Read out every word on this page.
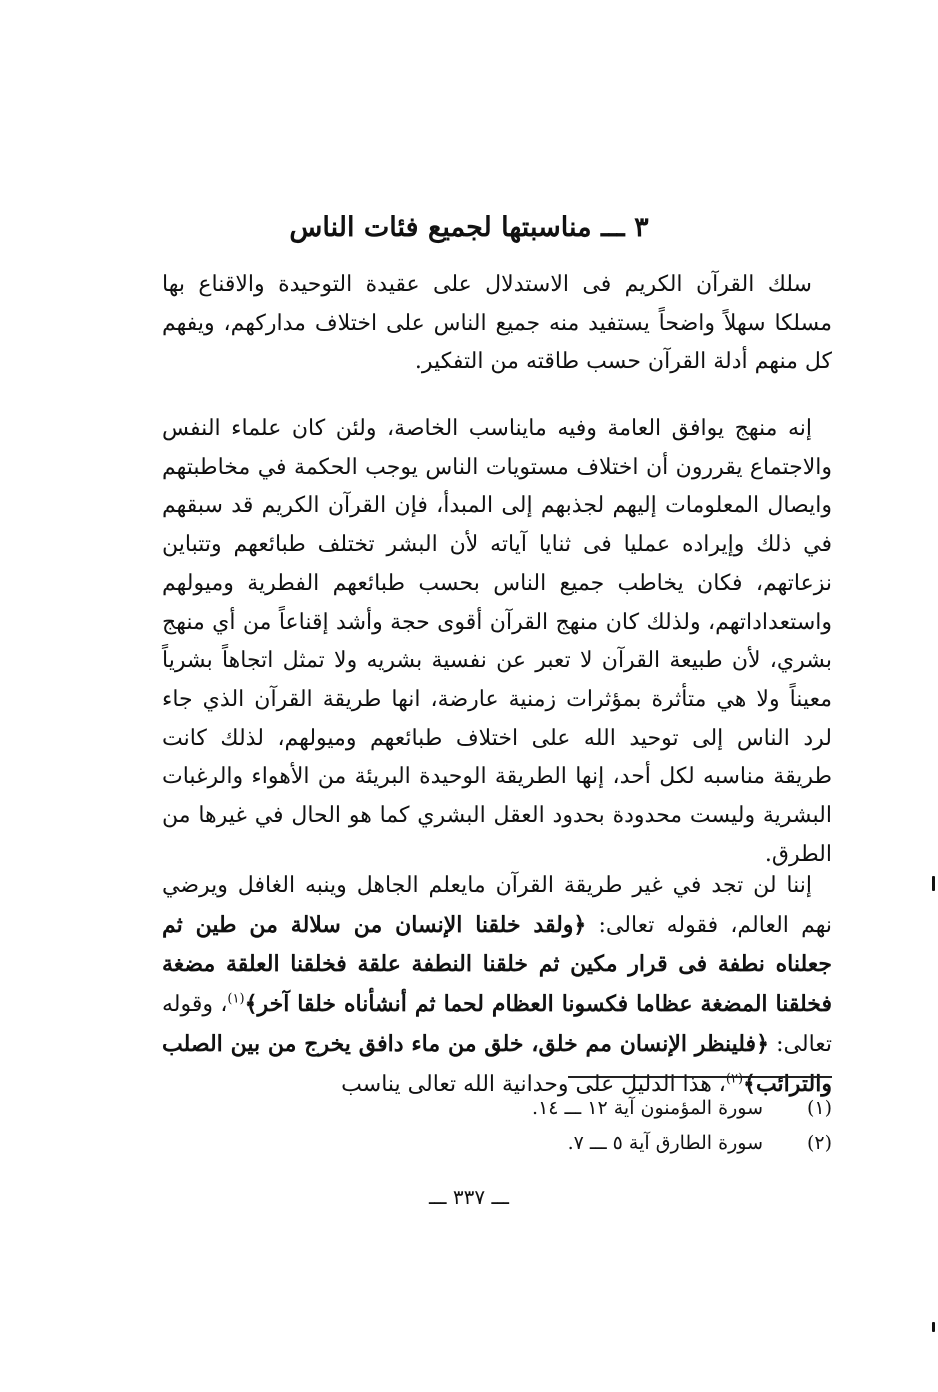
٣ ـــ مناسبتها لجميع فئات الناس

سلك القرآن الكريم فى الاستدلال على عقيدة التوحيدة والاقناع بها مسلكا سهلاً واضحاً يستفيد منه جميع الناس على اختلاف مداركهم، ويفهم كل منهم أدلة القرآن حسب طاقته من التفكير.

إنه منهج يوافق العامة وفيه مايناسب الخاصة، ولئن كان علماء النفس والاجتماع يقررون أن اختلاف مستويات الناس يوجب الحكمة في مخاطبتهم وايصال المعلومات إليهم لجذبهم إلى المبدأ، فإن القرآن الكريم قد سبقهم في ذلك وإيراده عمليا فى ثنايا آياته لأن البشر تختلف طبائعهم وتتباين نزعاتهم، فكان يخاطب جميع الناس بحسب طبائعهم الفطرية وميولهم واستعداداتهم، ولذلك كان منهج القرآن أقوى حجة وأشد إقناعاً من أي منهج بشري، لأن طبيعة القرآن لا تعبر عن نفسية بشريه ولا تمثل اتجاهاً بشرياً معيناً ولا هي متأثرة بمؤثرات زمنية عارضة، انها طريقة القرآن الذي جاء لرد الناس إلى توحيد الله على اختلاف طبائعهم وميولهم، لذلك كانت طريقة مناسبه لكل أحد، إنها الطريقة الوحيدة البريئة من الأهواء والرغبات البشرية وليست محدودة بحدود العقل البشري كما هو الحال في غيرها من الطرق.

إننا لن تجد في غير طريقة القرآن مايعلم الجاهل وينبه الغافل ويرضي نهم العالم، فقوله تعالى: ﴿ولقد خلقنا الإنسان من سلالة من طين ثم جعلناه نطفة فى قرار مكين ثم خلقنا النطفة علقة فخلقنا العلقة مضغة فخلقنا المضغة عظاما فكسونا العظام لحما ثم أنشأناه خلقا آخر﴾$^{(١)}$، وقوله تعالى: ﴿فلينظر الإنسان مم خلق، خلق من ماء دافق يخرج من بين الصلب والترائب﴾$^{(٢)}$، هذا الدليل على وحدانية الله تعالى يناسب

(١)سورة المؤمنون آية ١٢ ـــ ١٤.
(٢)سورة الطارق آية ٥ ـــ ٧.
ـــ ٣٣٧ ـــ
